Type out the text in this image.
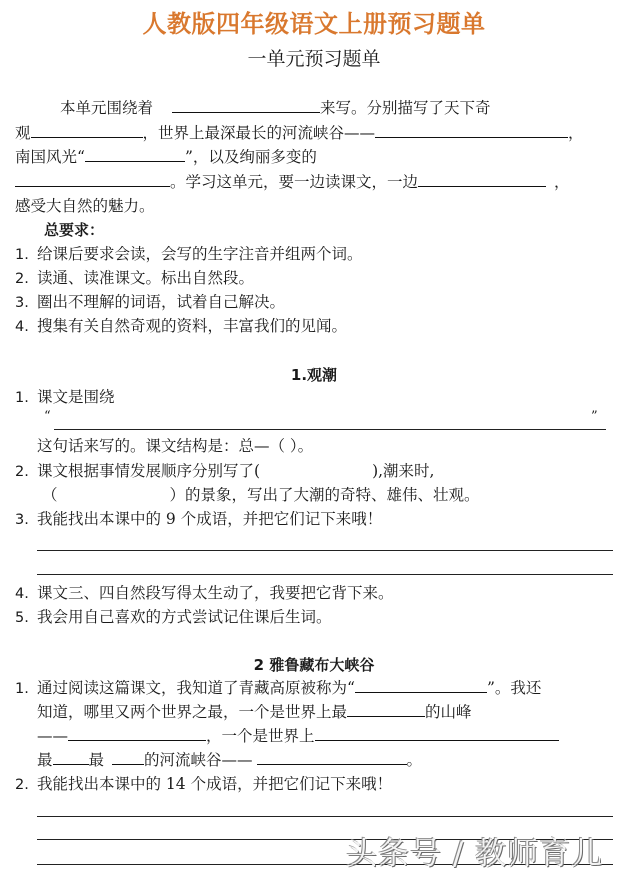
人教版四年级语文上册预习题单
一单元预习题单
本单元围绕着	来写。分别描写了天下奇
观	，世界上最深最长的河流峡谷——	，
南国风光“	”，以及绚丽多变的
。学习这单元，要一边读课文，一边	，
感受大自然的魅力。
总要求：
1. 给课后要求会读，会写的生字注音并组两个词。
2. 读通、读准课文。标出自然段。
3. 圈出不理解的词语，试着自己解决。
4. 搜集有关自然奇观的资料，丰富我们的见闻。
1.观潮
1. 课文是围绕
“	”
这句话来写的。课文结构是：总—（ ）。
2. 课文根据事情发展顺序分别写了(	),潮来时,
（	）的景象，写出了大潮的奇特、雄伟、壮观。
3. 我能找出本课中的 9 个成语，并把它们记下来哦！
4. 课文三、四自然段写得太生动了，我要把它背下来。
5. 我会用自己喜欢的方式尝试记住课后生词。
2 雅鲁藏布大峡谷
1. 通过阅读这篇课文，我知道了青藏高原被称为“	”。我还
知道，哪里又两个世界之最，一个是世界上最	的山峰
——	，一个是世界上
最 最	的河流峡谷——	。
2. 我能找出本课中的 14 个成语，并把它们记下来哦！
头条号 / 教师育儿
